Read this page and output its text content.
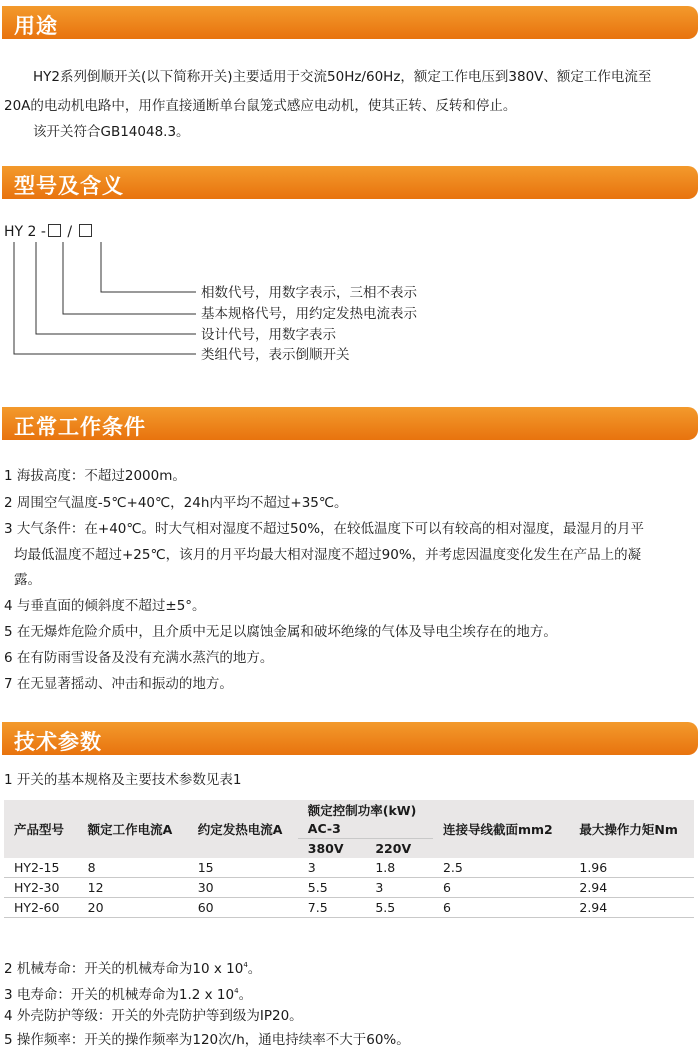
用途
HY2系列倒顺开关(以下简称开关)主要适用于交流50Hz/60Hz，额定工作电压到380V、额定工作电流至
20A的电动机电路中，用作直接通断单台鼠笼式感应电动机，使其正转、反转和停止。
该开关符合GB14048.3。
型号及含义
HY 2 - /
相数代号，用数字表示，三相不表示
基本规格代号，用约定发热电流表示
设计代号，用数字表示
类组代号，表示倒顺开关
正常工作条件
1 海拔高度：不超过2000m。
2 周围空气温度-5℃+40℃，24h内平均不超过+35℃。
3 大气条件：在+40℃。时大气相对湿度不超过50%，在较低温度下可以有较高的相对湿度，最湿月的月平
均最低温度不超过+25℃，该月的月平均最大相对湿度不超过90%，并考虑因温度变化发生在产品上的凝
露。
4 与垂直面的倾斜度不超过±5°。
5 在无爆炸危险介质中，且介质中无足以腐蚀金属和破坏绝缘的气体及导电尘埃存在的地方。
6 在有防雨雪设备及没有充满水蒸汽的地方。
7 在无显著摇动、冲击和振动的地方。
技术参数
1 开关的基本规格及主要技术参数见表1
产品型号	额定工作电流A	约定发热电流A	额定控制功率(kW)		连接导线截面mm2	最大操作力矩Nm
			AC-3			
			380V	220V		
HY2-15	8	15	3	1.8	2.5	1.96
HY2-30	12	30	5.5	3	6	2.94
HY2-60	20	60	7.5	5.5	6	2.94
2 机械寿命：开关的机械寿命为10 x $10^4$。
3 电寿命：开关的机械寿命为1.2 x $10^4$。
4 外壳防护等级：开关的外壳防护等到级为IP20。
5 操作频率：开关的操作频率为120次/h，通电持续率不大于60%。
